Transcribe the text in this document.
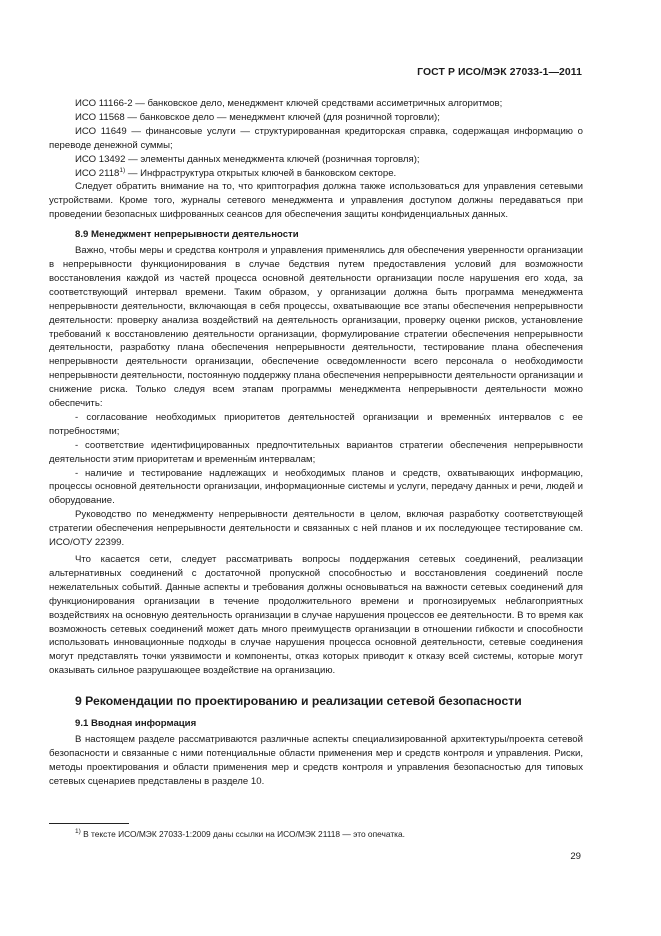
ГОСТ Р ИСО/МЭК 27033-1—2011

ИСО 11166-2 — банковское дело, менеджмент ключей средствами ассиметричных алгоритмов;

ИСО 11568 — банковское дело — менеджмент ключей (для розничной торговли);

ИСО 11649 — финансовые услуги — структурированная кредиторская справка, содержащая информацию о переводе денежной суммы;

ИСО 13492 — элементы данных менеджмента ключей (розничная торговля);

ИСО 2118$^{1)}$ — Инфраструктура открытых ключей в банковском секторе.

Следует обратить внимание на то, что криптография должна также использоваться для управления сетевыми устройствами. Кроме того, журналы сетевого менеджмента и управления доступом должны передаваться при проведении безопасных шифрованных сеансов для обеспечения защиты конфиденциальных данных.

8.9 Менеджмент непрерывности деятельности

Важно, чтобы меры и средства контроля и управления применялись для обеспечения уверенности организации в непрерывности функционирования в случае бедствия путем предоставления условий для возможности восстановления каждой из частей процесса основной деятельности организации после нарушения его хода, за соответствующий интервал времени. Таким образом, у организации должна быть программа менеджмента непрерывности деятельности, включающая в себя процессы, охватывающие все этапы обеспечения непрерывности деятельности: проверку анализа воздействий на деятельность организации, проверку оценки рисков, установление требований к восстановлению деятельности организации, формулирование стратегии обеспечения непрерывности деятельности, разработку плана обеспечения непрерывности деятельности, тестирование плана обеспечения непрерывности деятельности организации, обеспечение осведомленности всего персонала о необходимости непрерывности деятельности, постоянную поддержку плана обеспечения непрерывности деятельности организации и снижение риска. Только следуя всем этапам программы менеджмента непрерывности деятельности можно обеспечить:

- согласование необходимых приоритетов деятельностей организации и временны́х интервалов с ее потребностями;

- соответствие идентифицированных предпочтительных вариантов стратегии обеспечения непрерывности деятельности этим приоритетам и временны́м интервалам;

- наличие и тестирование надлежащих и необходимых планов и средств, охватывающих информацию, процессы основной деятельности организации, информационные системы и услуги, передачу данных и речи, людей и оборудование.

Руководство по менеджменту непрерывности деятельности в целом, включая разработку соответствующей стратегии обеспечения непрерывности деятельности и связанных с ней планов и их последующее тестирование см. ИСО/ОТУ 22399.

Что касается сети, следует рассматривать вопросы поддержания сетевых соединений, реализации альтернативных соединений с достаточной пропускной способностью и восстановления соединений после нежелательных событий. Данные аспекты и требования должны основываться на важности сетевых соединений для функционирования организации в течение продолжительного времени и прогнозируемых неблагоприятных воздействиях на основную деятельность организации в случае нарушения процессов ее деятельности. В то время как возможность сетевых соединений может дать много преимуществ организации в отношении гибкости и способности использовать инновационные подходы в случае нарушения процесса основной деятельности, сетевые соединения могут представлять точки уязвимости и компоненты, отказ которых приводит к отказу всей системы, которые могут оказывать сильное разрушающее воздействие на организацию.

9 Рекомендации по проектированию и реализации сетевой безопасности
9.1 Вводная информация

В настоящем разделе рассматриваются различные аспекты специализированной архитектуры/проекта сетевой безопасности и связанные с ними потенциальные области применения мер и средств контроля и управления. Риски, методы проектирования и области применения мер и средств контроля и управления безопасностью для типовых сетевых сценариев представлены в разделе 10.

$^{1)}$ В тексте ИСО/МЭК 27033-1:2009 даны ссылки на ИСО/МЭК 21118 — это опечатка.
29
